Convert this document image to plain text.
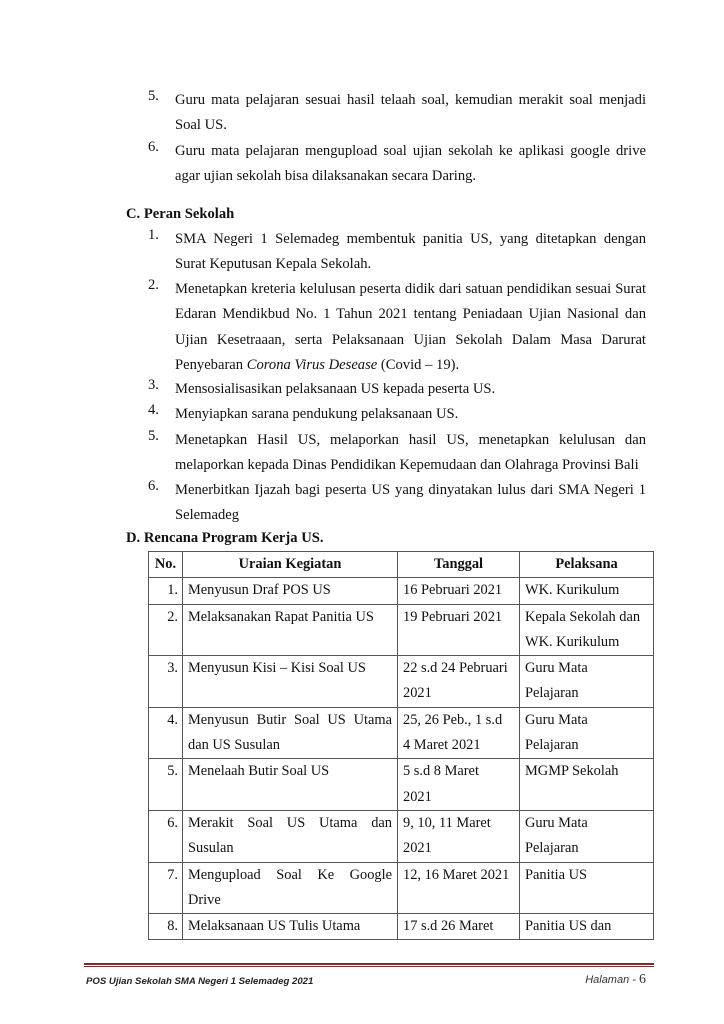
5.	Guru mata pelajaran sesuai hasil telaah soal, kemudian merakit soal menjadi
Soal US.
6.	Guru mata pelajaran mengupload soal ujian sekolah ke aplikasi google drive
agar ujian sekolah bisa dilaksanakan secara Daring.
C. Peran Sekolah
1.	SMA Negeri 1 Selemadeg membentuk panitia US, yang ditetapkan dengan
Surat Keputusan Kepala Sekolah.
2.	Menetapkan kreteria kelulusan peserta didik dari satuan pendidikan sesuai Surat
Edaran Mendikbud No. 1 Tahun 2021 tentang Peniadaan Ujian Nasional dan
Ujian Kesetraaan, serta Pelaksanaan Ujian Sekolah Dalam Masa Darurat
Penyebaran Corona Virus Desease (Covid – 19).
3.	Mensosialisasikan pelaksanaan US kepada peserta US.
4.	Menyiapkan sarana pendukung pelaksanaan US.
5.	Menetapkan Hasil US, melaporkan hasil US, menetapkan kelulusan dan
melaporkan kepada Dinas Pendidikan Kepemudaan dan Olahraga Provinsi Bali
6.	Menerbitkan Ijazah bagi peserta US yang dinyatakan lulus dari SMA Negeri 1
Selemadeg
D. Rencana Program Kerja US.
No.	Uraian Kegiatan	Tanggal	Pelaksana
1.	Menyusun Draf POS US	16 Pebruari 2021	WK. Kurikulum

2.	Melaksanakan Rapat Panitia US	19 Pebruari 2021	Kepala Sekolah dan
WK. Kurikulum

3.	Menyusun Kisi – Kisi Soal US	22 s.d 24 Pebruari
2021	Guru Mata
Pelajaran

4.	Menyusun Butir Soal US Utama
dan US Susulan	25, 26 Peb., 1 s.d
4 Maret 2021	Guru Mata
Pelajaran

5.	Menelaah Butir Soal US	5 s.d 8 Maret
2021	MGMP Sekolah

6.	Merakit Soal US Utama dan
Susulan	9, 10, 11 Maret
2021	Guru Mata
Pelajaran

7.	Mengupload Soal Ke Google
Drive	12, 16 Maret 2021	Panitia US

8.	Melaksanaan US Tulis Utama	17 s.d 26 Maret	Panitia US dan
POS Ujian Sekolah SMA Negeri 1 Selemadeg 2021	Halaman - 6
